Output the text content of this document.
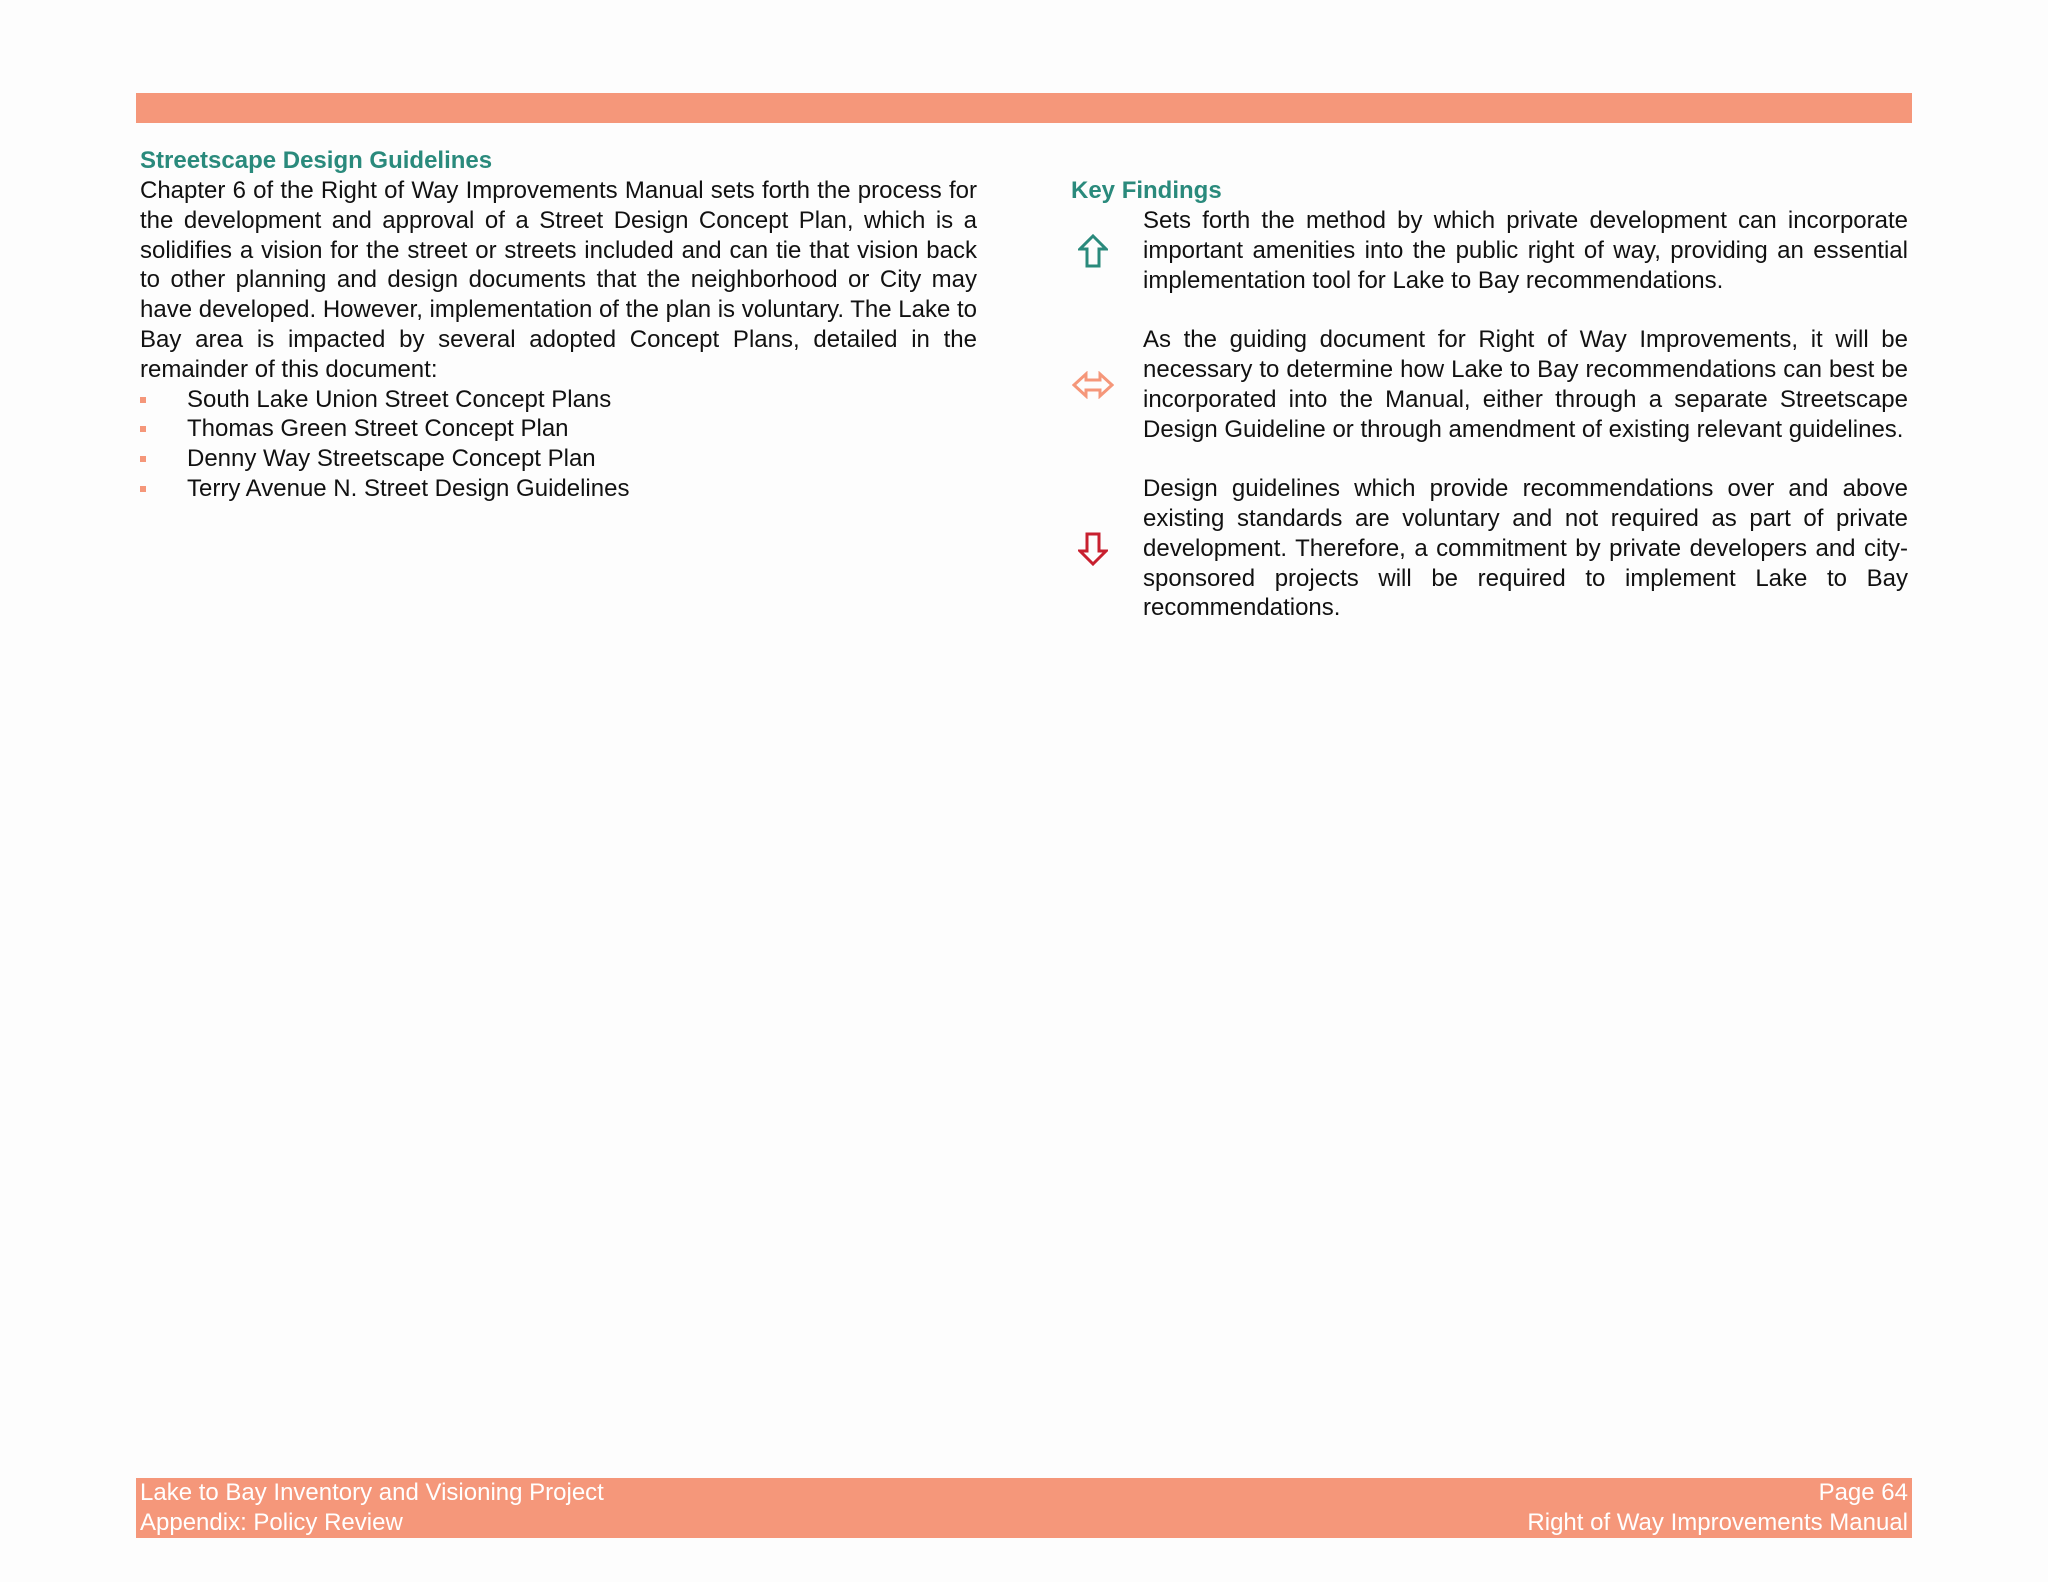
Streetscape Design Guidelines

Chapter 6 of the Right of Way Improvements Manual sets forth the process for the development and approval of a Street Design Concept Plan, which is a solidifies a vision for the street or streets included and can tie that vision back to other planning and design documents that the neighborhood or City may have developed. However, implementation of the plan is voluntary. The Lake to Bay area is impacted by several adopted Concept Plans, detailed in the remainder of this document:

South Lake Union Street Concept Plans
Thomas Green Street Concept Plan
Denny Way Streetscape Concept Plan
Terry Avenue N. Street Design Guidelines
Key Findings

Sets forth the method by which private development can incorporate important amenities into the public right of way, providing an essential implementation tool for Lake to Bay recommendations.

As the guiding document for Right of Way Improvements, it will be necessary to determine how Lake to Bay recommendations can best be incorporated into the Manual, either through a separate Streetscape Design Guideline or through amendment of existing relevant guidelines.

Design guidelines which provide recommendations over and above existing standards are voluntary and not required as part of private development. Therefore, a commitment by private developers and city-sponsored projects will be required to implement Lake to Bay recommendations.

Lake to Bay Inventory and Visioning Project
Appendix: Policy Review
Page 64
Right of Way Improvements Manual
